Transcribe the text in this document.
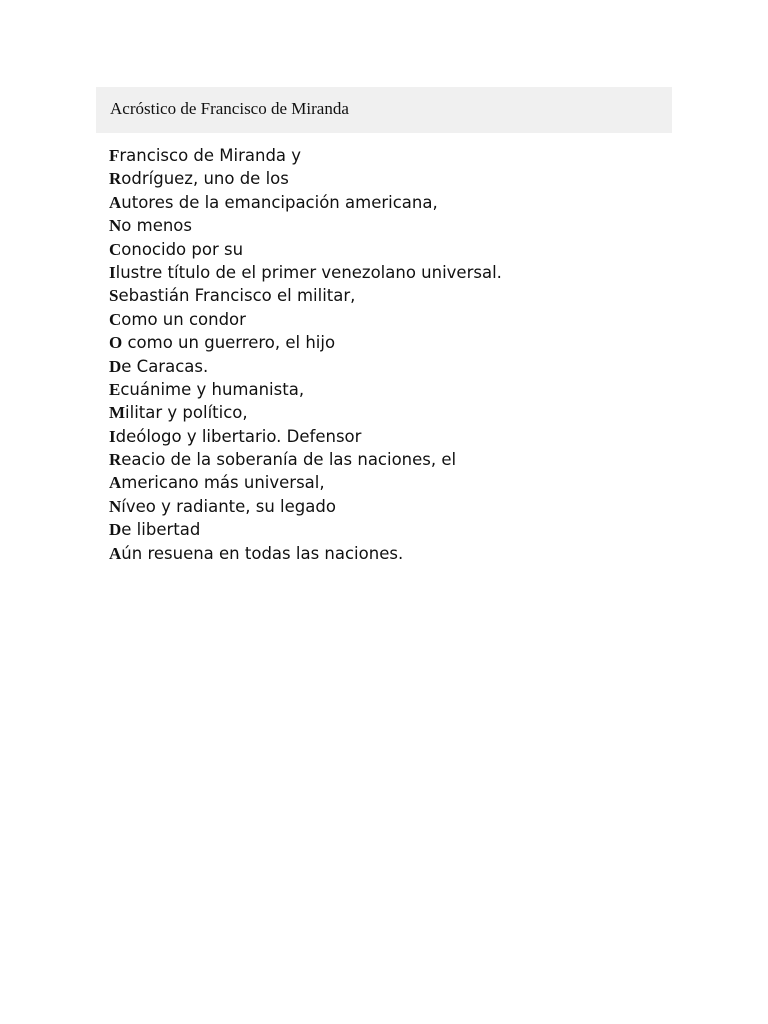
Acróstico de Francisco de Miranda
Francisco de Miranda y
Rodríguez, uno de los
Autores de la emancipación americana,
No menos
Conocido por su
Ilustre título de el primer venezolano universal.
Sebastián Francisco el militar,
Como un condor
O como un guerrero, el hijo
De Caracas.
Ecuánime y humanista,
Militar y político,
Ideólogo y libertario. Defensor
Reacio de la soberanía de las naciones, el
Americano más universal,
Níveo y radiante, su legado
De libertad
Aún resuena en todas las naciones.
